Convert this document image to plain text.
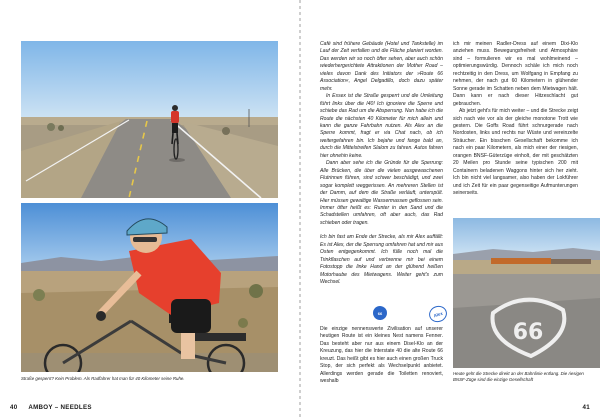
Straße gesperrt? Kein Problem. Als Radfahrer hat man für 40 Kilometer seine Ruhe.
40 AMBOY – NEEDLES

Café sind frühere Gebäude (Hotel und Tankstelle) im Lauf der Zeit verfallen und die Fläche planiert worden. Das werden wir so noch öfter sehen, aber auch schön wiederhergerichtete Attraktionen der Mother Road – vieles davon Dank des Initiators der »Route 66 Association«, Angel Delgadillo, doch dazu später mehr.

In Essex ist die Straße gesperrt und die Umleitung führt links über die I40! Ich ignoriere die Sperre und schiebe das Rad um die Absperrung. Nun habe ich die Route die nächsten 40 Kilometer für mich allein und kann die ganze Fahrbahn nutzen. Als Alex an die Sperre kommt, fragt er via Chat nach, ob ich weitergefahren bin. Ich bejahe und fange bald an, durch die Mittelstreifen Slalom zu fahren. Autos fahren hier ohnehin keine.

Dann aber sehe ich die Gründe für die Sperrung: Alle Brücken, die über die vielen ausgewaschenen Flutrinnen führen, sind schwer beschädigt, und zwei sogar komplett weggerissen. An mehreren Stellen ist der Damm, auf dem die Straße verläuft, unterspült. Hier müssen gewaltige Wassermassen geflossen sein. Immer öfter heißt es: Runter in den Sand und die Schadstellen umfahren, oft aber auch, das Rad schieben oder tragen.

Ich bin fast am Ende der Strecke, als mir Alex auffällt: Es ist Alex, der die Sperrung umfahren hat und mir aus Osten entgegenkommt. Ich fülle noch mal die Trinkflaschen auf und verbrenne mir bei einem Fotostopp die linke Hand an der glühend heißen Motorhaube des Mietwagens. Weiter geht's zum Wechsel.

66	Alex

Die einzige nennenswerte Zivilisation auf unserer heutigen Route ist ein kleines Nest namens Fenner. Das besteht aber nur aus einem Disel-Klo an der Kreuzung, das hier die Interstate 40 die alte Route 66 kreuzt. Das heißt gibt es hier auch einen großen Truck Stop, der sich perfekt als Wechselpunkt anbietet. Allerdings werden gerade die Toiletten renoviert, weshalb

ich mir meinen Radler-Dress auf einem Dixi-Klo anziehen muss. Bewegungsfreiheit und Atmosphäre sind – formulieren wir es mal wohlmeinend – optimierungswürdig. Dennoch schäle ich mich noch rechtzeitig in den Dress, um Wolfgang in Empfang zu nehmen, der nach gut 60 Kilometern in glühender Sonne gerade im Schatten neben dem Mietwagen hält. Dann kann er nach dieser Hitzeschlacht gut gebrauchen.

Ab jetzt geht's für mich weiter – und die Strecke zeigt sich nach wie vor als der gleiche monotone Trott wie gestern. Die Goffs Road führt schnurgerade nach Nordosten, links und rechts nur Wüste und vereinzelte Sträucher. Ein bisschen Gesellschaft bekomme ich nach ein paar Kilometern, als mich einer der riesigen, orangen BNSF-Güterzüge einholt, der mit geschätzten 20 Meilen pro Stunde seine typischen 200 mit Containern beladenen Waggons hinter sich her zieht. Ich bin nicht viel langsamer, also haben der Lokführer und ich Zeit für ein paar gegenseitige Aufmunterungen seinerseits.

66
Heute geht die Strecke direkt an der Bahnlinie entlang. Die riesigen BNSF-Züge sind die einzige Gesellschaft
41
